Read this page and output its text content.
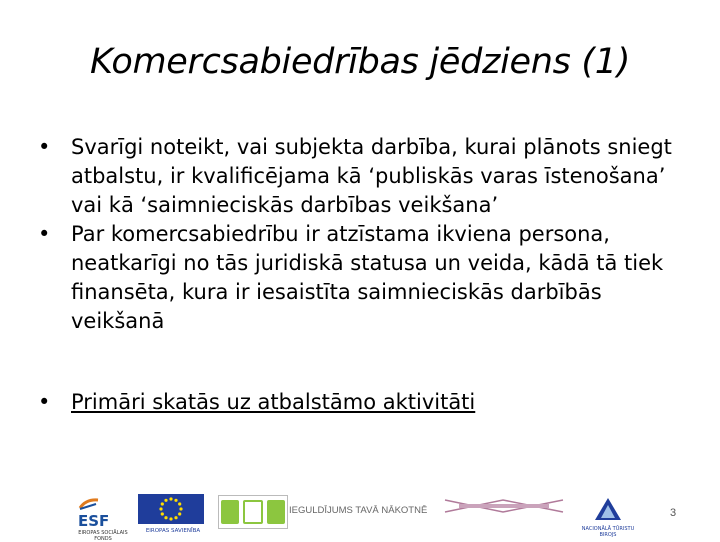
Komercsabiedrības jēdziens (1)
• Svarīgi noteikt, vai subjekta darbība, kurai plānots sniegt atbalstu, ir kvalificējama kā ‘publiskās varas īstenošana’ vai kā ‘saimnieciskās darbības veikšana’
• Par komercsabiedrību ir atzīstama ikviena persona, neatkarīgi no tās juridiskā statusa un veida, kādā tā tiek finansēta, kura ir iesaistīta saimnieciskās darbībās veikšanā
• Primāri skatās uz atbalstāmo aktivitāti
ESF
EIROPAS SOCIĀLAIS FONDS
EIROPAS SAVIENĪBA
IEGULDĪJUMS TAVĀ NĀKOTNĒ
NACIONĀLĀ TŪRISTU BIROJS
3
